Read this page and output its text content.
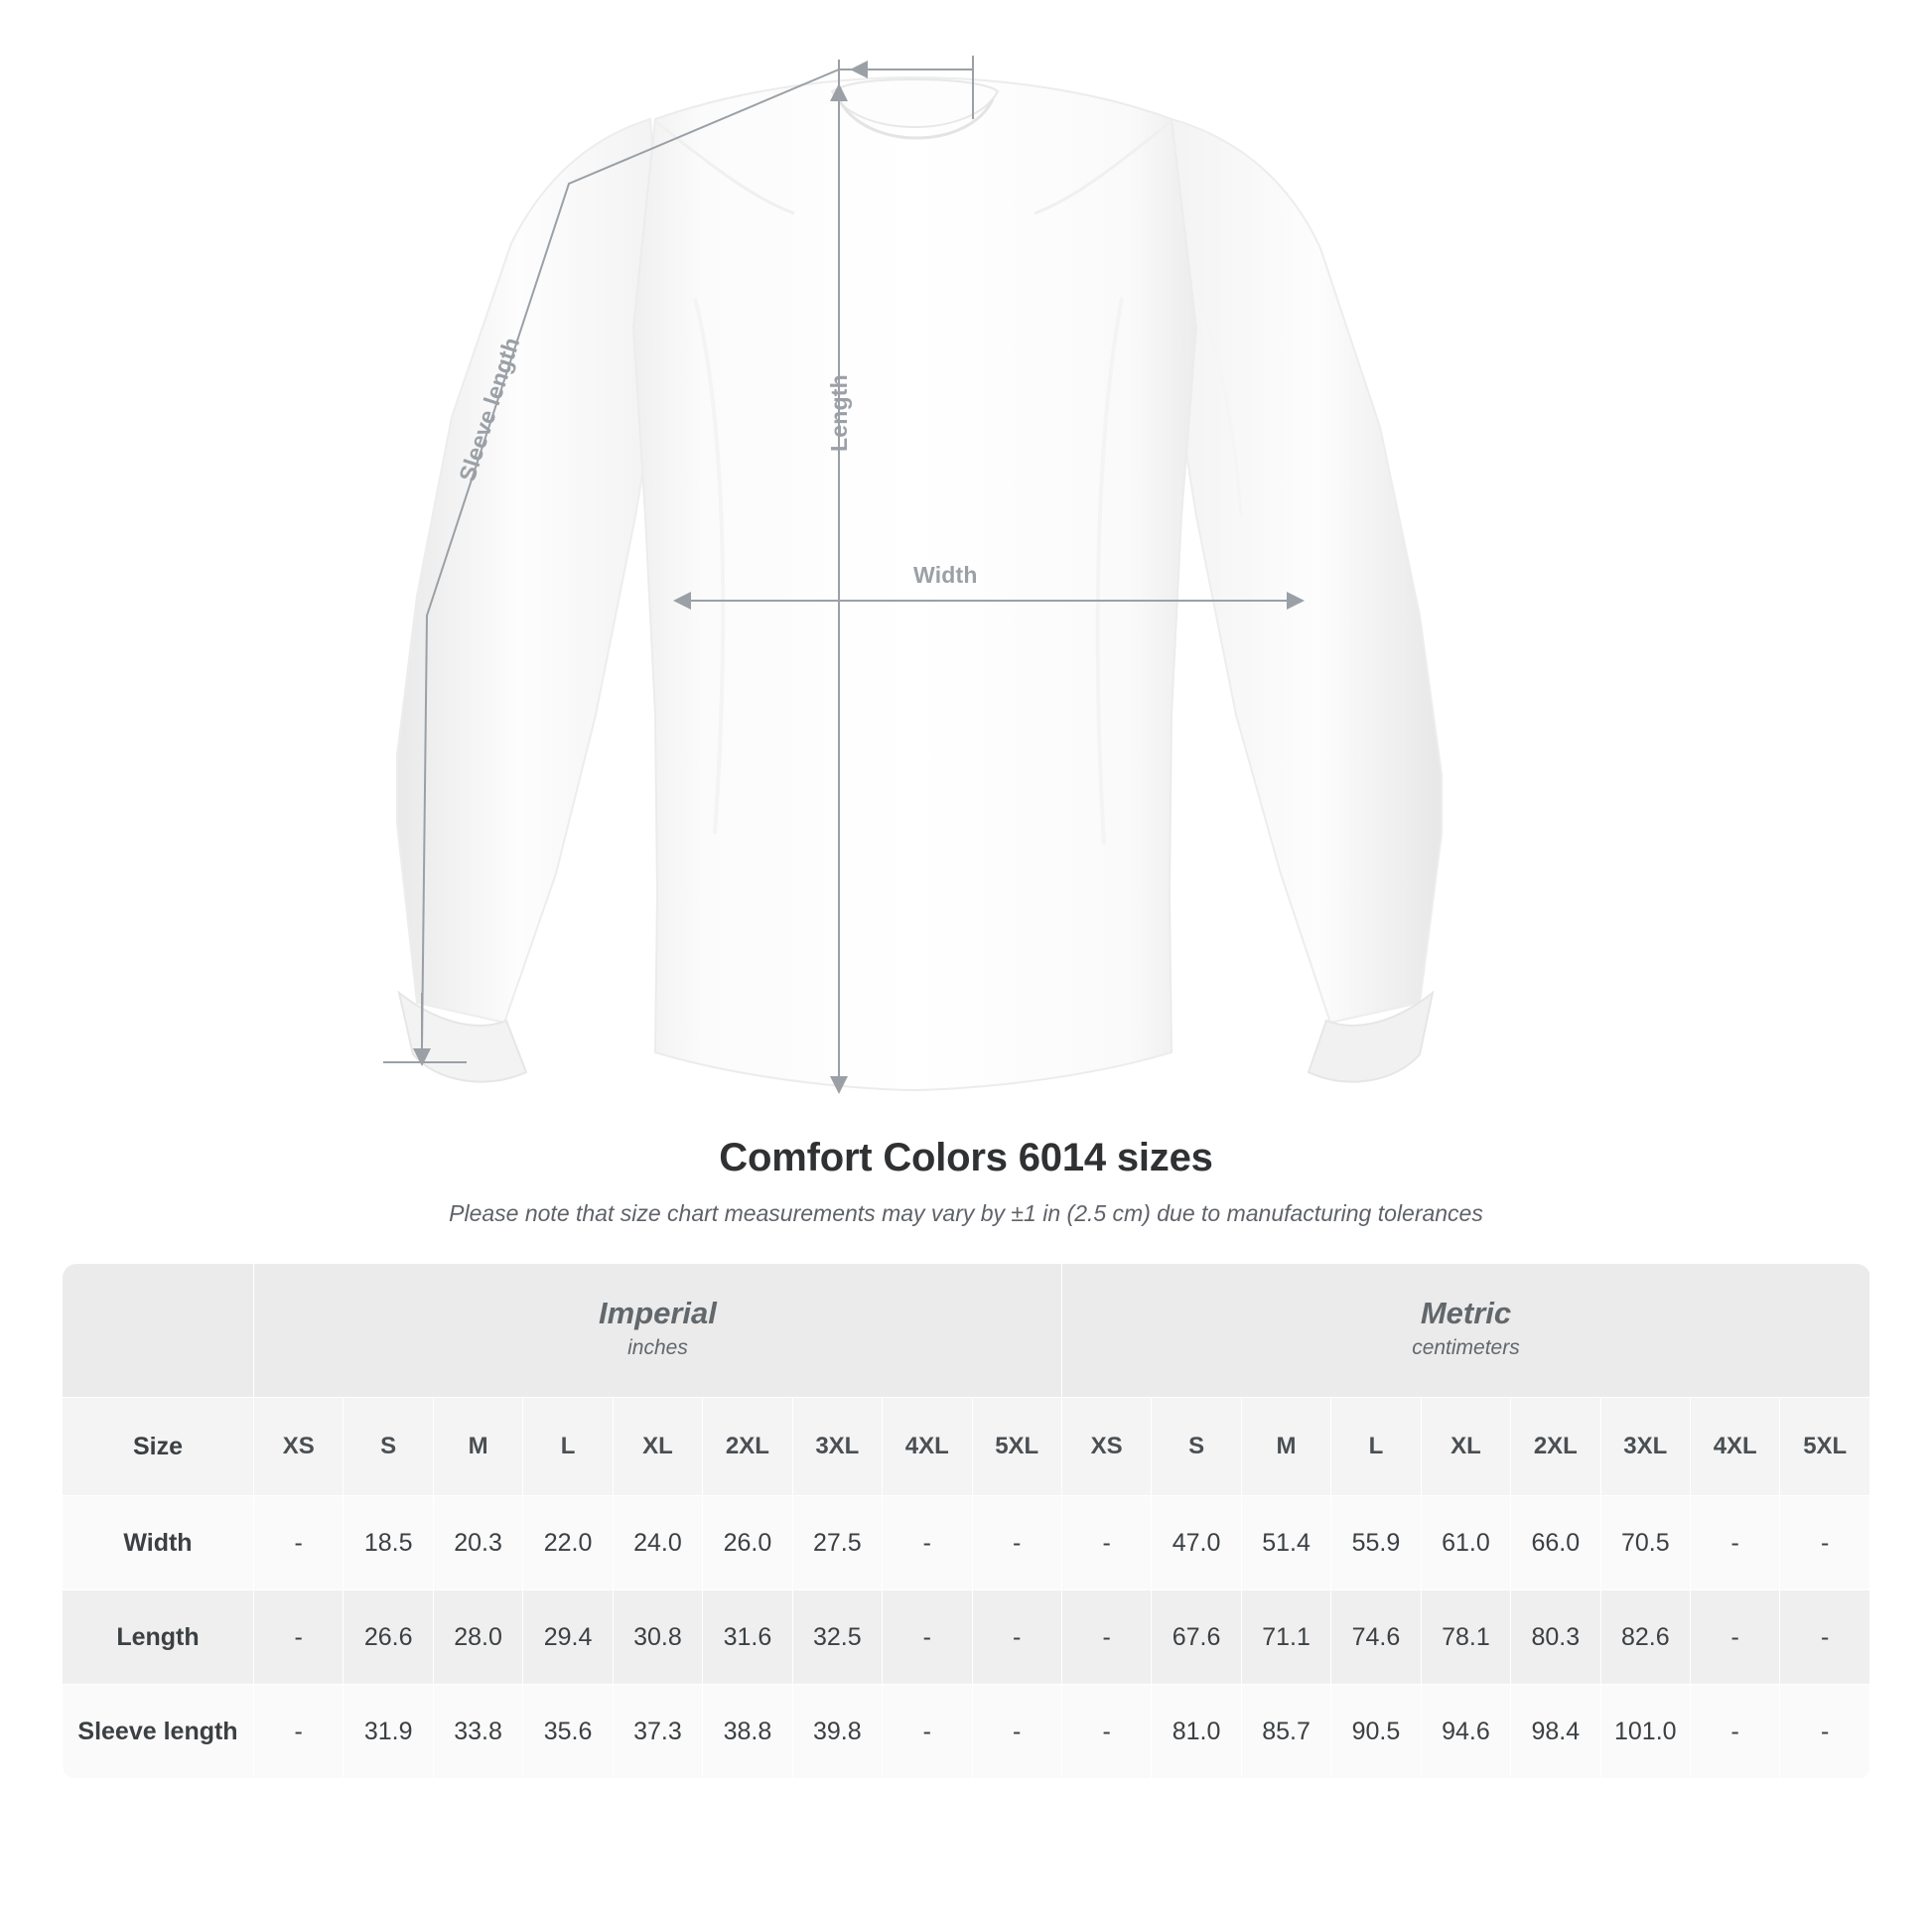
Width
Length
Sleeve length
Comfort Colors 6014 sizes
Please note that size chart measurements may vary by ±1 in (2.5 cm) due to manufacturing tolerances

Imperial
inches

Metric
centimeters

Size	XS	S	M	L	XL	2XL	3XL	4XL	5XL	XS	S	M	L	XL	2XL	3XL	4XL	5XL
Width	-	18.5	20.3	22.0	24.0	26.0	27.5	-	-	-	47.0	51.4	55.9	61.0	66.0	70.5	-	-
Length	-	26.6	28.0	29.4	30.8	31.6	32.5	-	-	-	67.6	71.1	74.6	78.1	80.3	82.6	-	-
Sleeve length	-	31.9	33.8	35.6	37.3	38.8	39.8	-	-	-	81.0	85.7	90.5	94.6	98.4	101.0	-	-
